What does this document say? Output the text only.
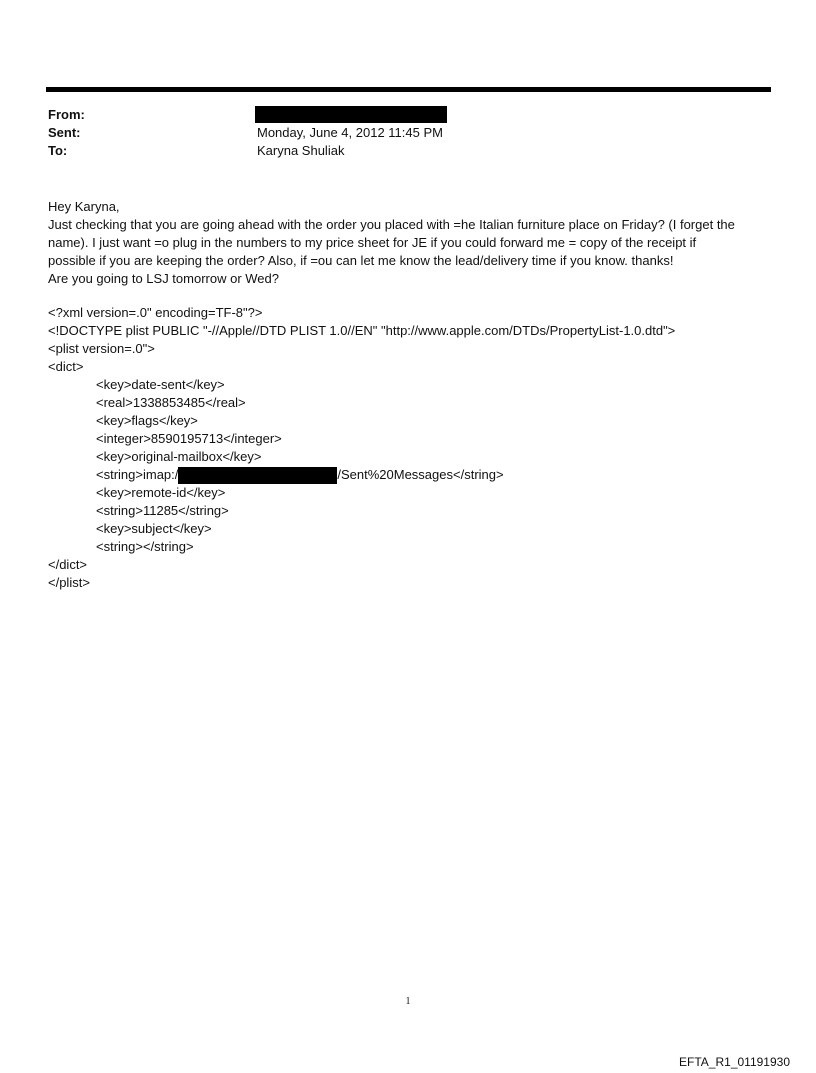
From:
Sent:	Monday, June 4, 2012 11:45 PM
To:	Karyna Shuliak
Hey Karyna,
Just checking that you are going ahead with the order you placed with =he Italian furniture place on Friday? (I forget the
name). I just want =o plug in the numbers to my price sheet for JE if you could forward me = copy of the receipt if
possible if you are keeping the order? Also, if =ou can let me know the lead/delivery time if you know. thanks!
Are you going to LSJ tomorrow or Wed?
<?xml version=.0" encoding=TF-8"?>
<!DOCTYPE plist PUBLIC "-//Apple//DTD PLIST 1.0//EN" "http://www.apple.com/DTDs/PropertyList-1.0.dtd">
<plist version=.0">
<dict>
<key>date-sent</key>
<real>1338853485</real>
<key>flags</key>
<integer>8590195713</integer>
<key>original-mailbox</key>
<string>imap:/	/Sent%20Messages</string>
<key>remote-id</key>
<string>11285</string>
<key>subject</key>
<string></string>
</dict>
</plist>
1
EFTA_R1_01191930
